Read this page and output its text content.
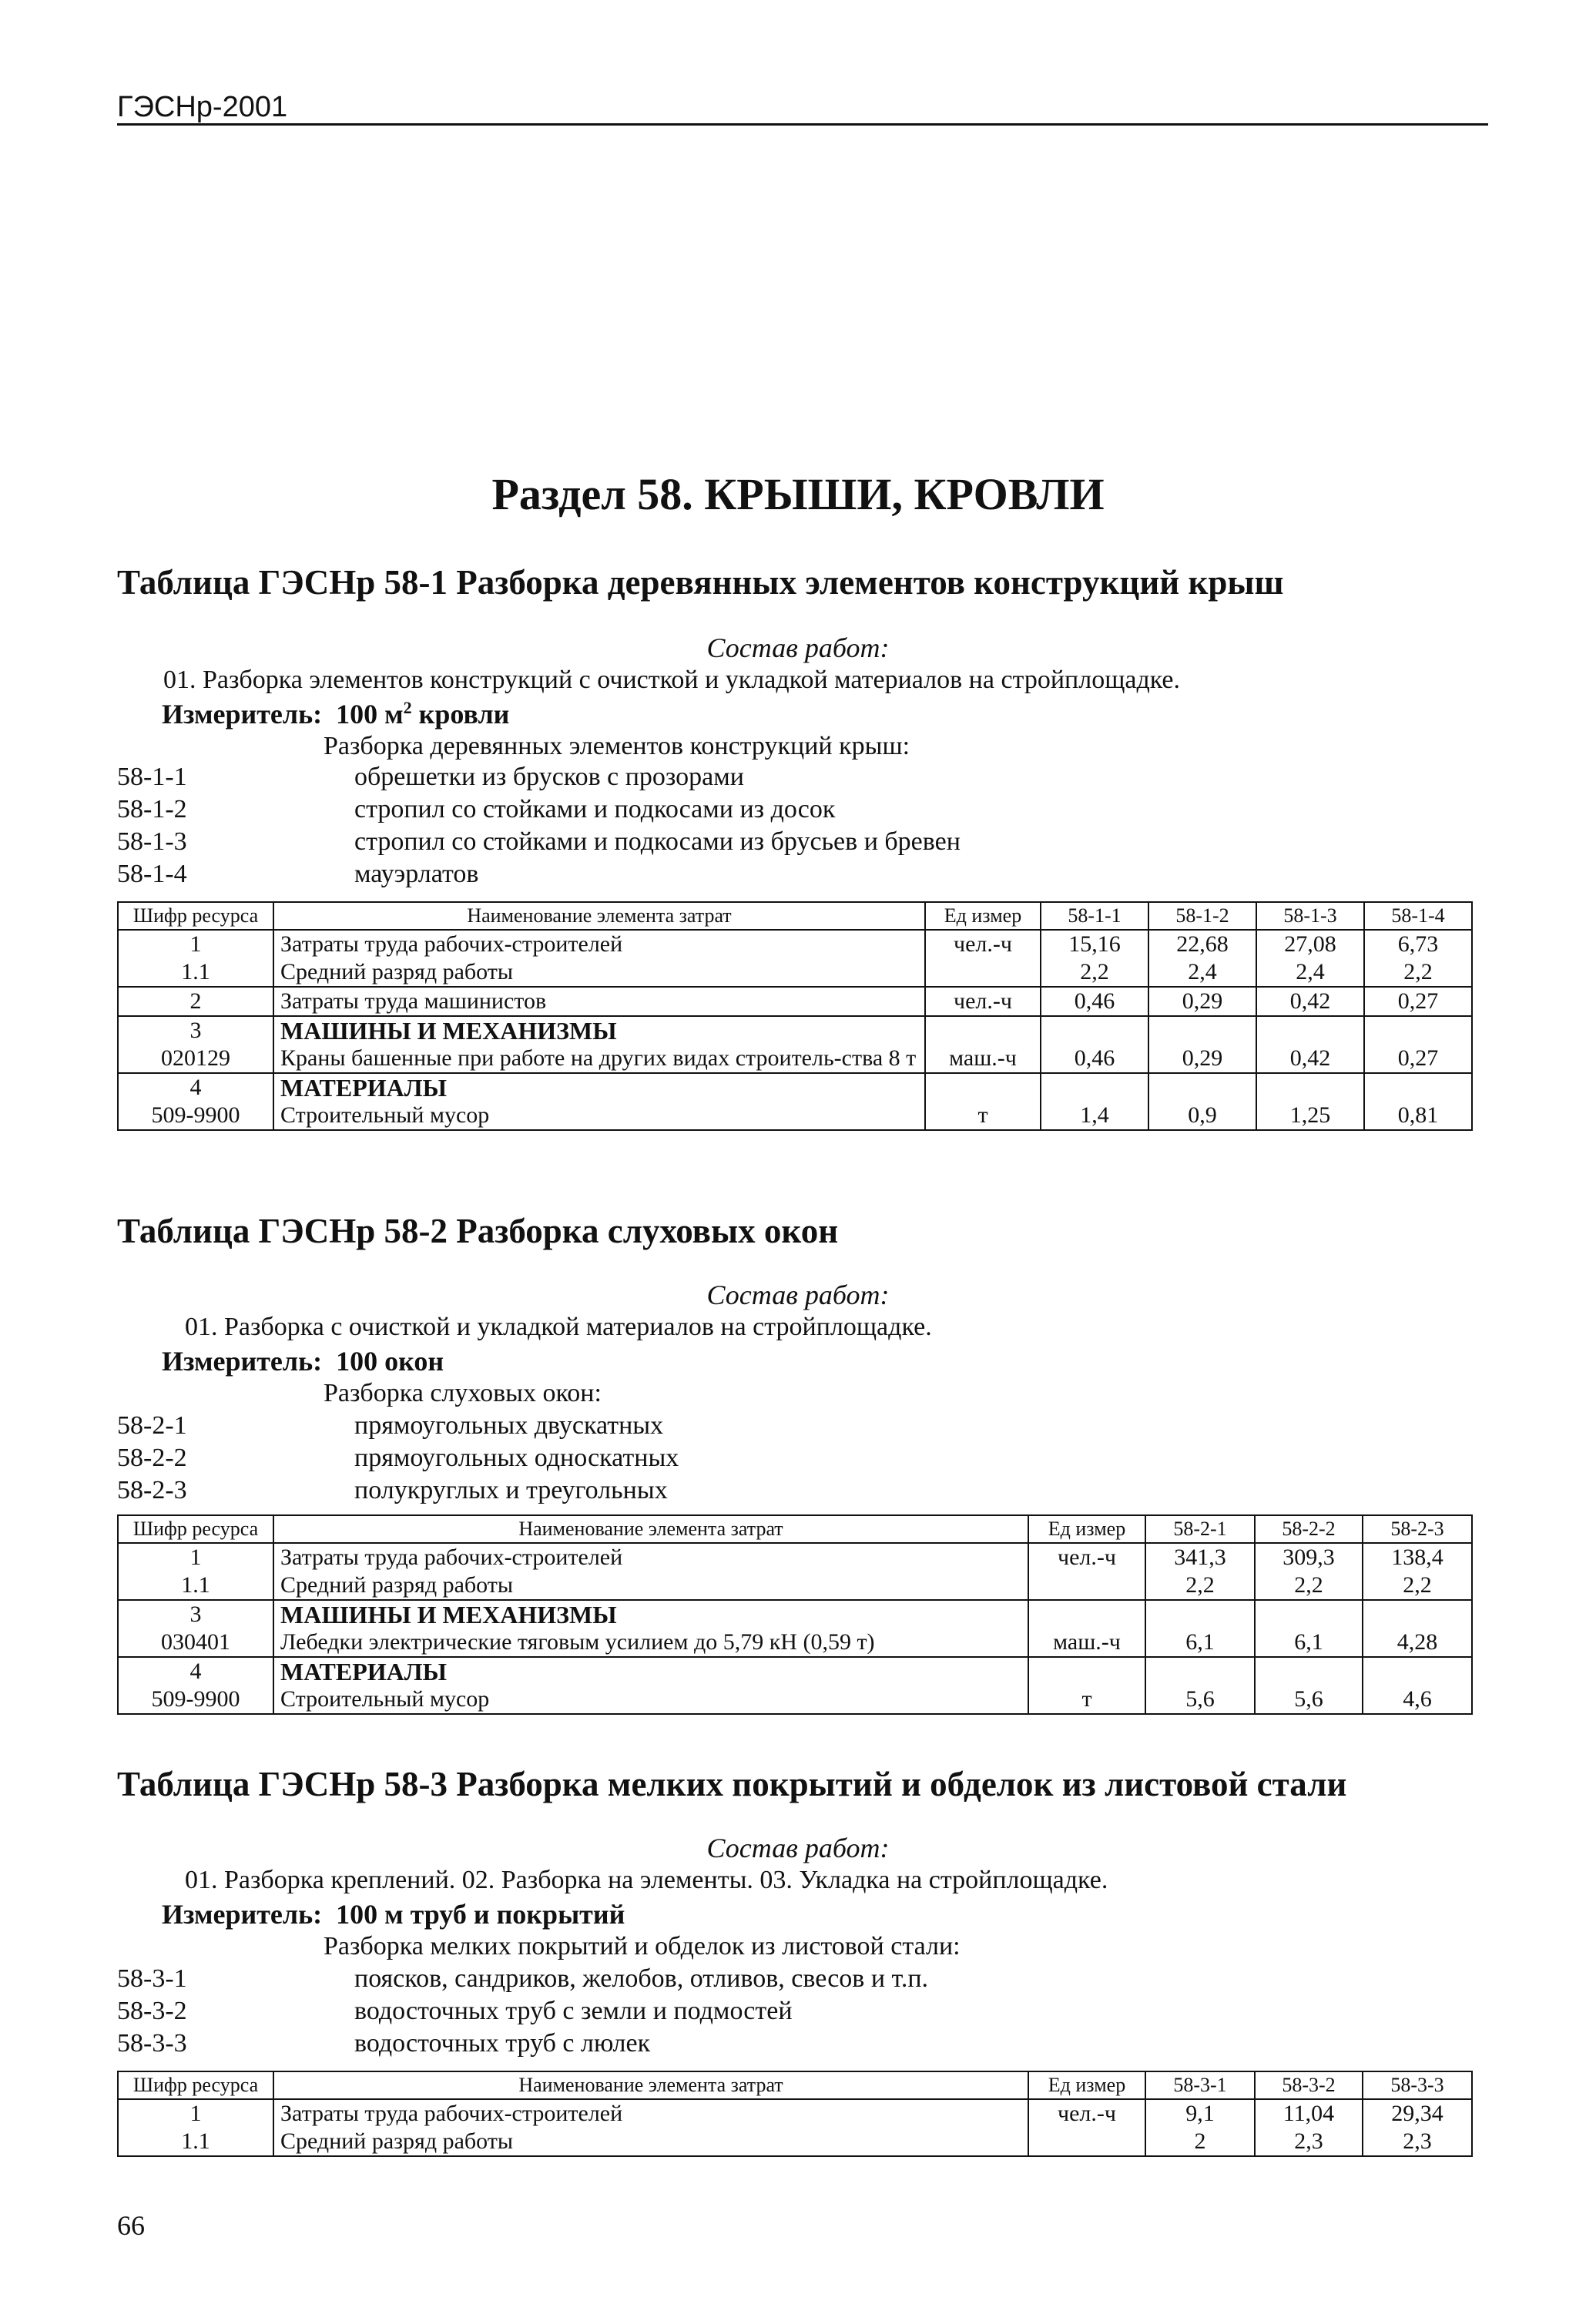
ГЭСНр-2001
Раздел 58. КРЫШИ, КРОВЛИ
Таблица ГЭСНр 58-1 Разборка деревянных элементов конструкций крыш
Состав работ:
01. Разборка элементов конструкций с очисткой и укладкой материалов на стройплощадке.
Измеритель: 100 $м^2$ кровли
Разборка деревянных элементов конструкций крыш:
58-1-1	обрешетки из брусков с прозорами
58-1-2	стропил со стойками и подкосами из досок
58-1-3	стропил со стойками и подкосами из брусьев и бревен
58-1-4	мауэрлатов
Шифр ресурса	Наименование элемента затрат	Ед измер	58-1-1	58-1-2	58-1-3	58-1-4
1	Затраты труда рабочих-строителей	чел.-ч	15,16	22,68	27,08	6,73
1.1	Средний разряд работы		2,2	2,4	2,4	2,2
2	Затраты труда машинистов	чел.-ч	0,46	0,29	0,42	0,27
3	МАШИНЫ И МЕХАНИЗМЫ					
020129	Краны башенные при работе на других видах строитель-ства 8 т	маш.-ч	0,46	0,29	0,42	0,27
4	МАТЕРИАЛЫ					
509-9900	Строительный мусор	т	1,4	0,9	1,25	0,81
Таблица ГЭСНр 58-2 Разборка слуховых окон
Состав работ:
01. Разборка с очисткой и укладкой материалов на стройплощадке.
Измеритель: 100 окон
Разборка слуховых окон:
58-2-1	прямоугольных двускатных
58-2-2	прямоугольных односкатных
58-2-3	полукруглых и треугольных
Шифр ресурса	Наименование элемента затрат	Ед измер	58-2-1	58-2-2	58-2-3
1	Затраты труда рабочих-строителей	чел.-ч	341,3	309,3	138,4
1.1	Средний разряд работы		2,2	2,2	2,2
3	МАШИНЫ И МЕХАНИЗМЫ				
030401	Лебедки электрические тяговым усилием до 5,79 кН (0,59 т)	маш.-ч	6,1	6,1	4,28
4	МАТЕРИАЛЫ				
509-9900	Строительный мусор	т	5,6	5,6	4,6
Таблица ГЭСНр 58-3 Разборка мелких покрытий и обделок из листовой стали
Состав работ:
01. Разборка креплений. 02. Разборка на элементы. 03. Укладка на стройплощадке.
Измеритель: 100 м труб и покрытий
Разборка мелких покрытий и обделок из листовой стали:
58-3-1	поясков, сандриков, желобов, отливов, свесов и т.п.
58-3-2	водосточных труб с земли и подмостей
58-3-3	водосточных труб с люлек
Шифр ресурса	Наименование элемента затрат	Ед измер	58-3-1	58-3-2	58-3-3
1	Затраты труда рабочих-строителей	чел.-ч	9,1	11,04	29,34
1.1	Средний разряд работы		2	2,3	2,3
66
